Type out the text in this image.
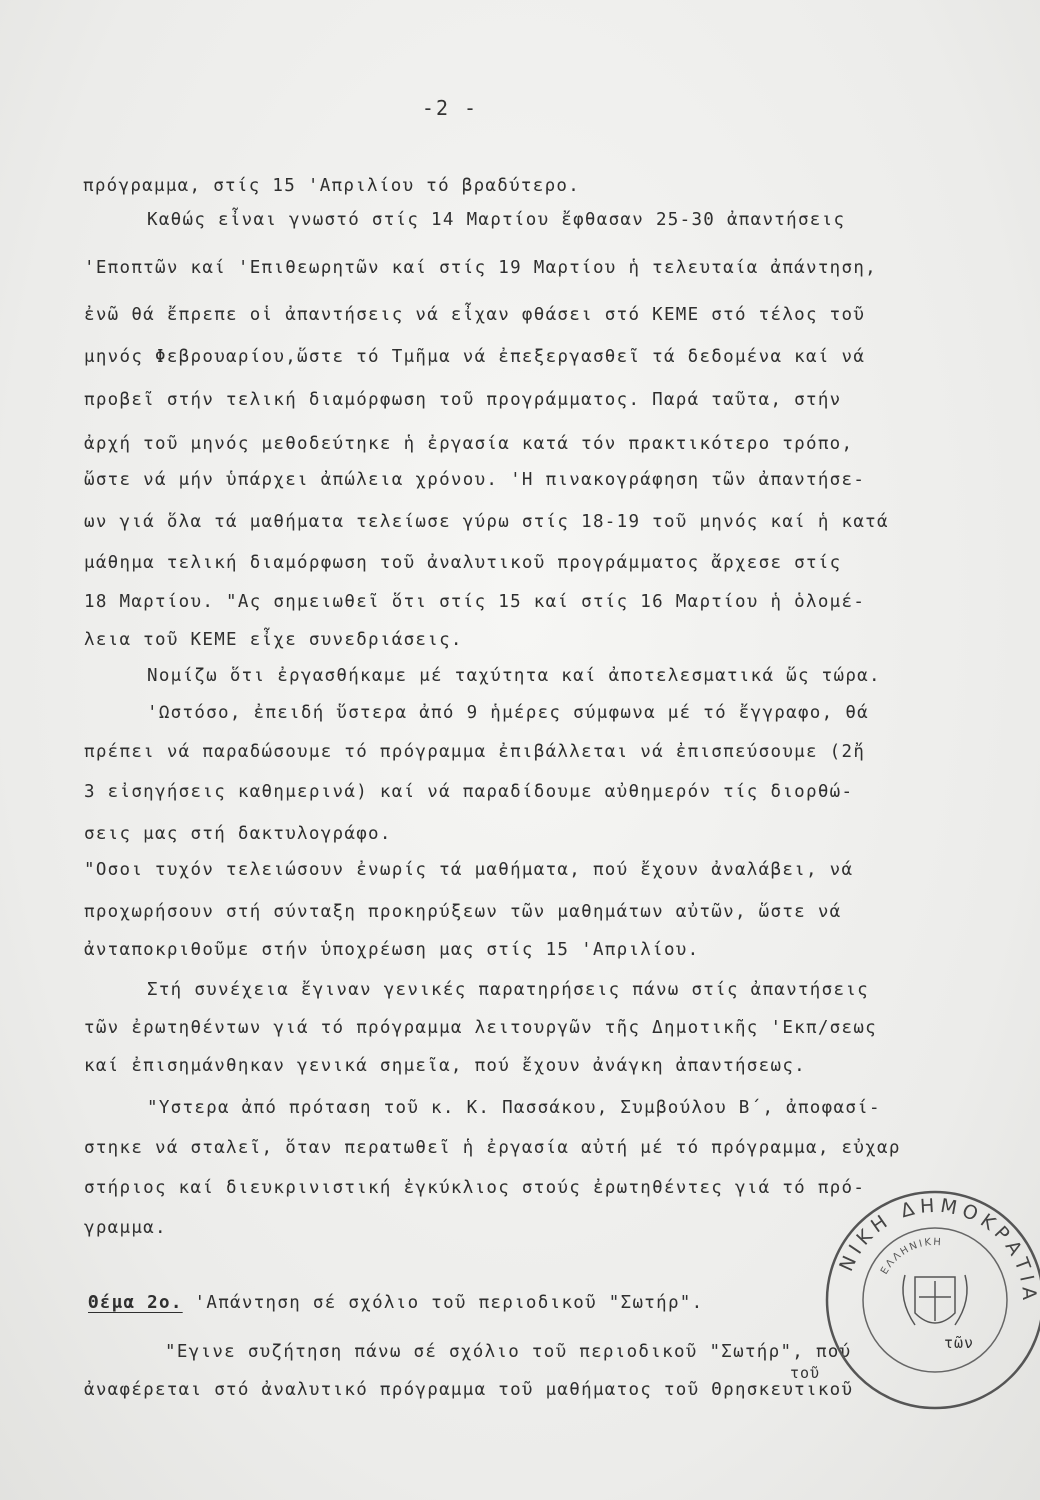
-2 -
πρόγραμμα, στίς 15 'Απριλίου τό βραδύτερο.
Καθώς εἶναι γνωστό στίς 14 Μαρτίου ἔφθασαν 25-30 ἀπαντήσεις
'Εποπτῶν καί 'Επιθεωρητῶν καί στίς 19 Μαρτίου ἡ τελευταία ἀπάντηση,
ἐνῶ θά ἔπρεπε οἱ ἀπαντήσεις νά εἶχαν φθάσει στό ΚΕΜΕ στό τέλος τοῦ
μηνός Φεβρουαρίου,ὥστε τό Τμῆμα νά ἐπεξεργασθεῖ τά δεδομένα καί νά
προβεῖ στήν τελική διαμόρφωση τοῦ προγράμματος. Παρά ταῦτα, στήν
ἀρχή τοῦ μηνός μεθοδεύτηκε ἡ ἐργασία κατά τόν πρακτικότερο τρόπο,
ὥστε νά μήν ὑπάρχει ἀπώλεια χρόνου. 'Η πινακογράφηση τῶν ἀπαντήσε-
ων γιά ὅλα τά μαθήματα τελείωσε γύρω στίς 18-19 τοῦ μηνός καί ἡ κατά
μάθημα τελική διαμόρφωση τοῦ ἀναλυτικοῦ προγράμματος ἄρχεσε στίς
18 Μαρτίου. "Ας σημειωθεῖ ὅτι στίς 15 καί στίς 16 Μαρτίου ἡ ὁλομέ-
λεια τοῦ ΚΕΜΕ εἶχε συνεδριάσεις.
Νομίζω ὅτι ἐργασθήκαμε μέ ταχύτητα καί ἀποτελεσματικά ὥς τώρα.
'Ωστόσο, ἐπειδή ὕστερα ἀπό 9 ἡμέρες σύμφωνα μέ τό ἔγγραφο, θά
πρέπει νά παραδώσουμε τό πρόγραμμα ἐπιβάλλεται νά ἐπισπεύσουμε (2ἤ
3 εἰσηγήσεις καθημερινά) καί νά παραδίδουμε αὐθημερόν τίς διορθώ-
σεις μας στή δακτυλογράφο.
"Οσοι τυχόν τελειώσουν ἐνωρίς τά μαθήματα, πού ἔχουν ἀναλάβει, νά
προχωρήσουν στή σύνταξη προκηρύξεων τῶν μαθημάτων αὐτῶν, ὥστε νά
ἀνταποκριθοῦμε στήν ὑποχρέωση μας στίς 15 'Απριλίου.
Στή συνέχεια ἔγιναν γενικές παρατηρήσεις πάνω στίς ἀπαντήσεις
τῶν ἐρωτηθέντων γιά τό πρόγραμμα λειτουργῶν τῆς Δημοτικῆς 'Εκπ/σεως
καί ἐπισημάνθηκαν γενικά σημεῖα, πού ἔχουν ἀνάγκη ἀπαντήσεως.
"Υστερα ἀπό πρόταση τοῦ κ. Κ. Πασσάκου, Συμβούλου Β΄, ἀποφασί-
στηκε νά σταλεῖ, ὅταν περατωθεῖ ἡ ἐργασία αὐτή μέ τό πρόγραμμα, εὐχαρ
στήριος καί διευκρινιστική ἐγκύκλιος στούς ἐρωτηθέντες γιά τό πρό-
γραμμα.
Θέμα 2ο. 'Απάντηση σέ σχόλιο τοῦ περιοδικοῦ "Σωτήρ".
"Εγινε συζήτηση πάνω σέ σχόλιο τοῦ περιοδικοῦ "Σωτήρ", πού
ἀναφέρεται στό ἀναλυτικό πρόγραμμα τοῦ μαθήματος τοῦ Θρησκευτικοῦ
τῶν
τοῦ
ΝΙΚΗ ΔΗΜΟΚΡΑΤΙΑ
ΕΛΛΗΝΙΚΗ
